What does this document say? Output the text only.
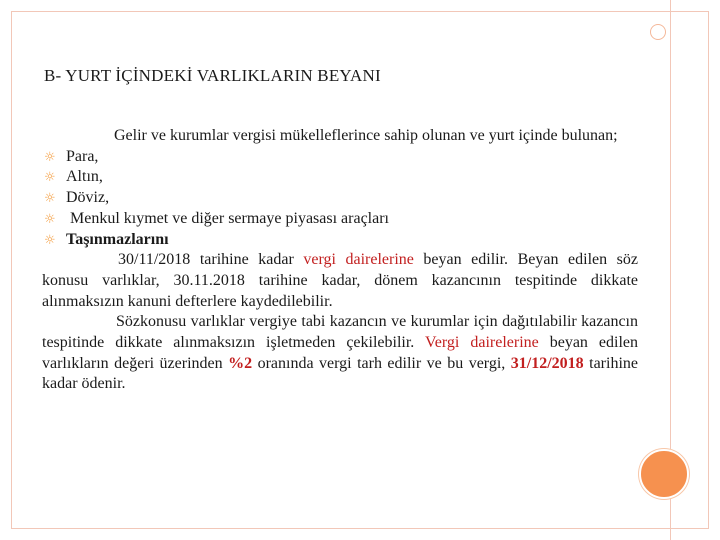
B- YURT İÇİNDEKİ VARLIKLARIN BEYANI

Gelir ve kurumlar vergisi mükelleflerince sahip olunan ve yurt içinde bulunan;

☼ Para,
☼ Altın,
☼ Döviz,
☼ Menkul kıymet ve diğer sermaye piyasası araçları
☼ Taşınmazlarını

30/11/2018 tarihine kadar vergi dairelerine beyan edilir. Beyan edilen söz konusu varlıklar, 30.11.2018 tarihine kadar, dönem kazancının tespitinde dikkate alınmaksızın kanuni defterlere kaydedilebilir.

Sözkonusu varlıklar vergiye tabi kazancın ve kurumlar için dağıtılabilir kazancın tespitinde dikkate alınmaksızın işletmeden çekilebilir. Vergi dairelerine beyan edilen varlıkların değeri üzerinden %2 oranında vergi tarh edilir ve bu vergi, 31/12/2018 tarihine kadar ödenir.
